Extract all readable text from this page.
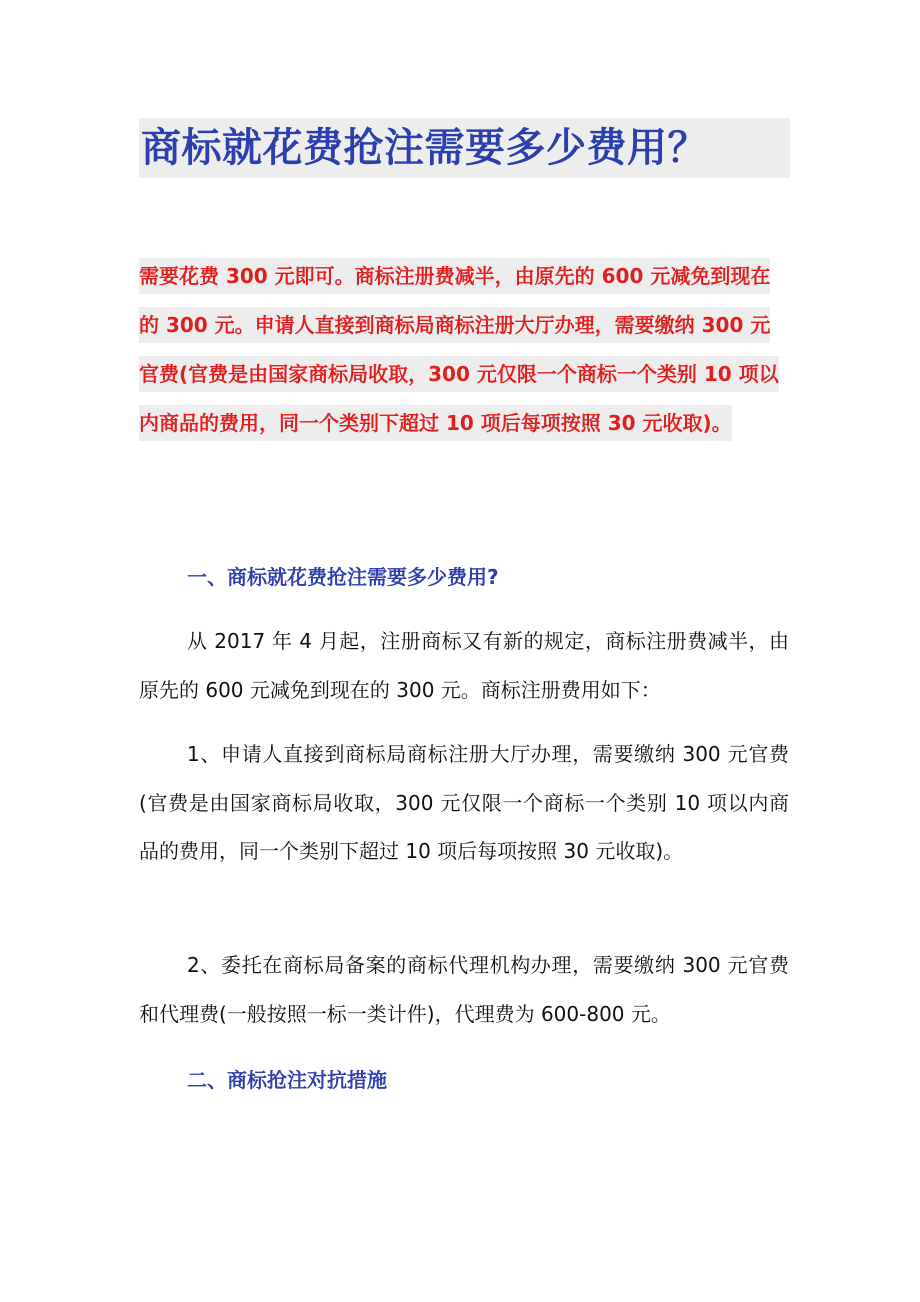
商标就花费抢注需要多少费用？

需要花费 300 元即可。商标注册费减半，由原先的 600 元减免到现在的 300 元。申请人直接到商标局商标注册大厅办理，需要缴纳 300 元官费(官费是由国家商标局收取，300 元仅限一个商标一个类别 10 项以内商品的费用，同一个类别下超过 10 项后每项按照 30 元收取)。

一、商标就花费抢注需要多少费用?

从 2017 年 4 月起，注册商标又有新的规定，商标注册费减半，由原先的 600 元减免到现在的 300 元。商标注册费用如下：

1、申请人直接到商标局商标注册大厅办理，需要缴纳 300 元官费(官费是由国家商标局收取，300 元仅限一个商标一个类别 10 项以内商品的费用，同一个类别下超过 10 项后每项按照 30 元收取)。

2、委托在商标局备案的商标代理机构办理，需要缴纳 300 元官费和代理费(一般按照一标一类计件)，代理费为 600-800 元。

二、商标抢注对抗措施
